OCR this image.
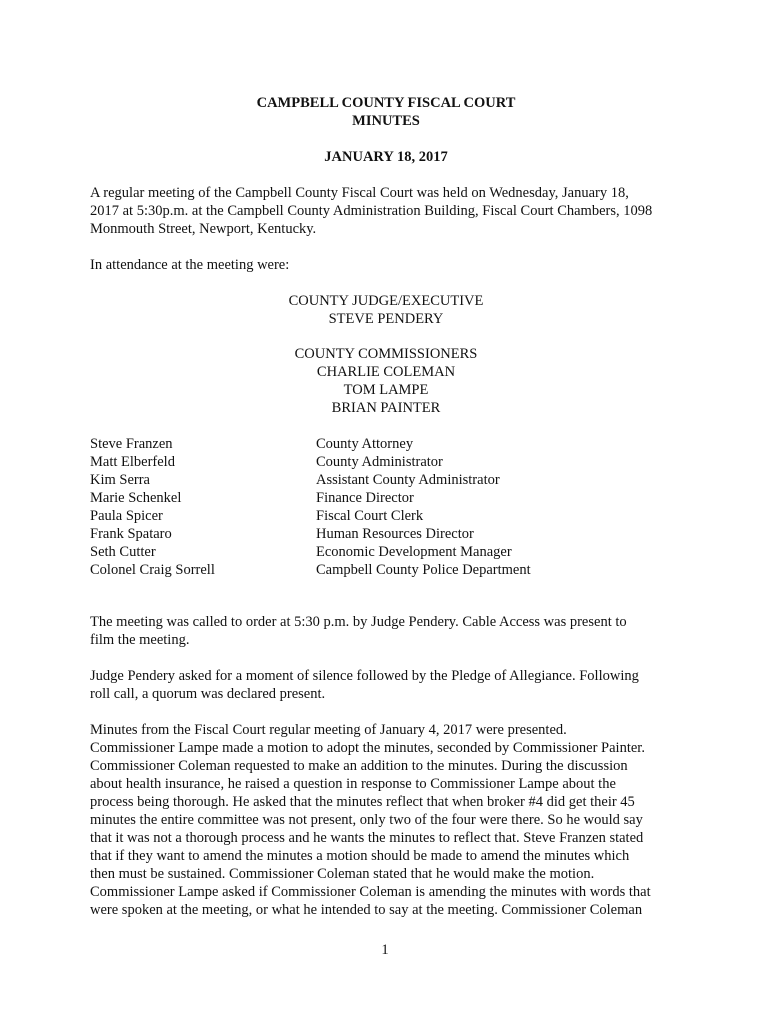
CAMPBELL COUNTY FISCAL COURT
MINUTES
JANUARY 18, 2017

A regular meeting of the Campbell County Fiscal Court was held on Wednesday, January 18,
2017 at 5:30p.m. at the Campbell County Administration Building, Fiscal Court Chambers, 1098
Monmouth Street, Newport, Kentucky.

In attendance at the meeting were:

COUNTY JUDGE/EXECUTIVE
STEVE PENDERY
COUNTY COMMISSIONERS
CHARLIE COLEMAN
TOM LAMPE
BRIAN PAINTER
Steve Franzen	County Attorney
Matt Elberfeld	County Administrator
Kim Serra	Assistant County Administrator
Marie Schenkel	Finance Director
Paula Spicer	Fiscal Court Clerk
Frank Spataro	Human Resources Director
Seth Cutter	Economic Development Manager
Colonel Craig Sorrell	Campbell County Police Department

The meeting was called to order at 5:30 p.m. by Judge Pendery. Cable Access was present to
film the meeting.

Judge Pendery asked for a moment of silence followed by the Pledge of Allegiance. Following
roll call, a quorum was declared present.

Minutes from the Fiscal Court regular meeting of January 4, 2017 were presented.
Commissioner Lampe made a motion to adopt the minutes, seconded by Commissioner Painter.
Commissioner Coleman requested to make an addition to the minutes. During the discussion
about health insurance, he raised a question in response to Commissioner Lampe about the
process being thorough. He asked that the minutes reflect that when broker #4 did get their 45
minutes the entire committee was not present, only two of the four were there. So he would say
that it was not a thorough process and he wants the minutes to reflect that. Steve Franzen stated
that if they want to amend the minutes a motion should be made to amend the minutes which
then must be sustained. Commissioner Coleman stated that he would make the motion.
Commissioner Lampe asked if Commissioner Coleman is amending the minutes with words that
were spoken at the meeting, or what he intended to say at the meeting. Commissioner Coleman

1
